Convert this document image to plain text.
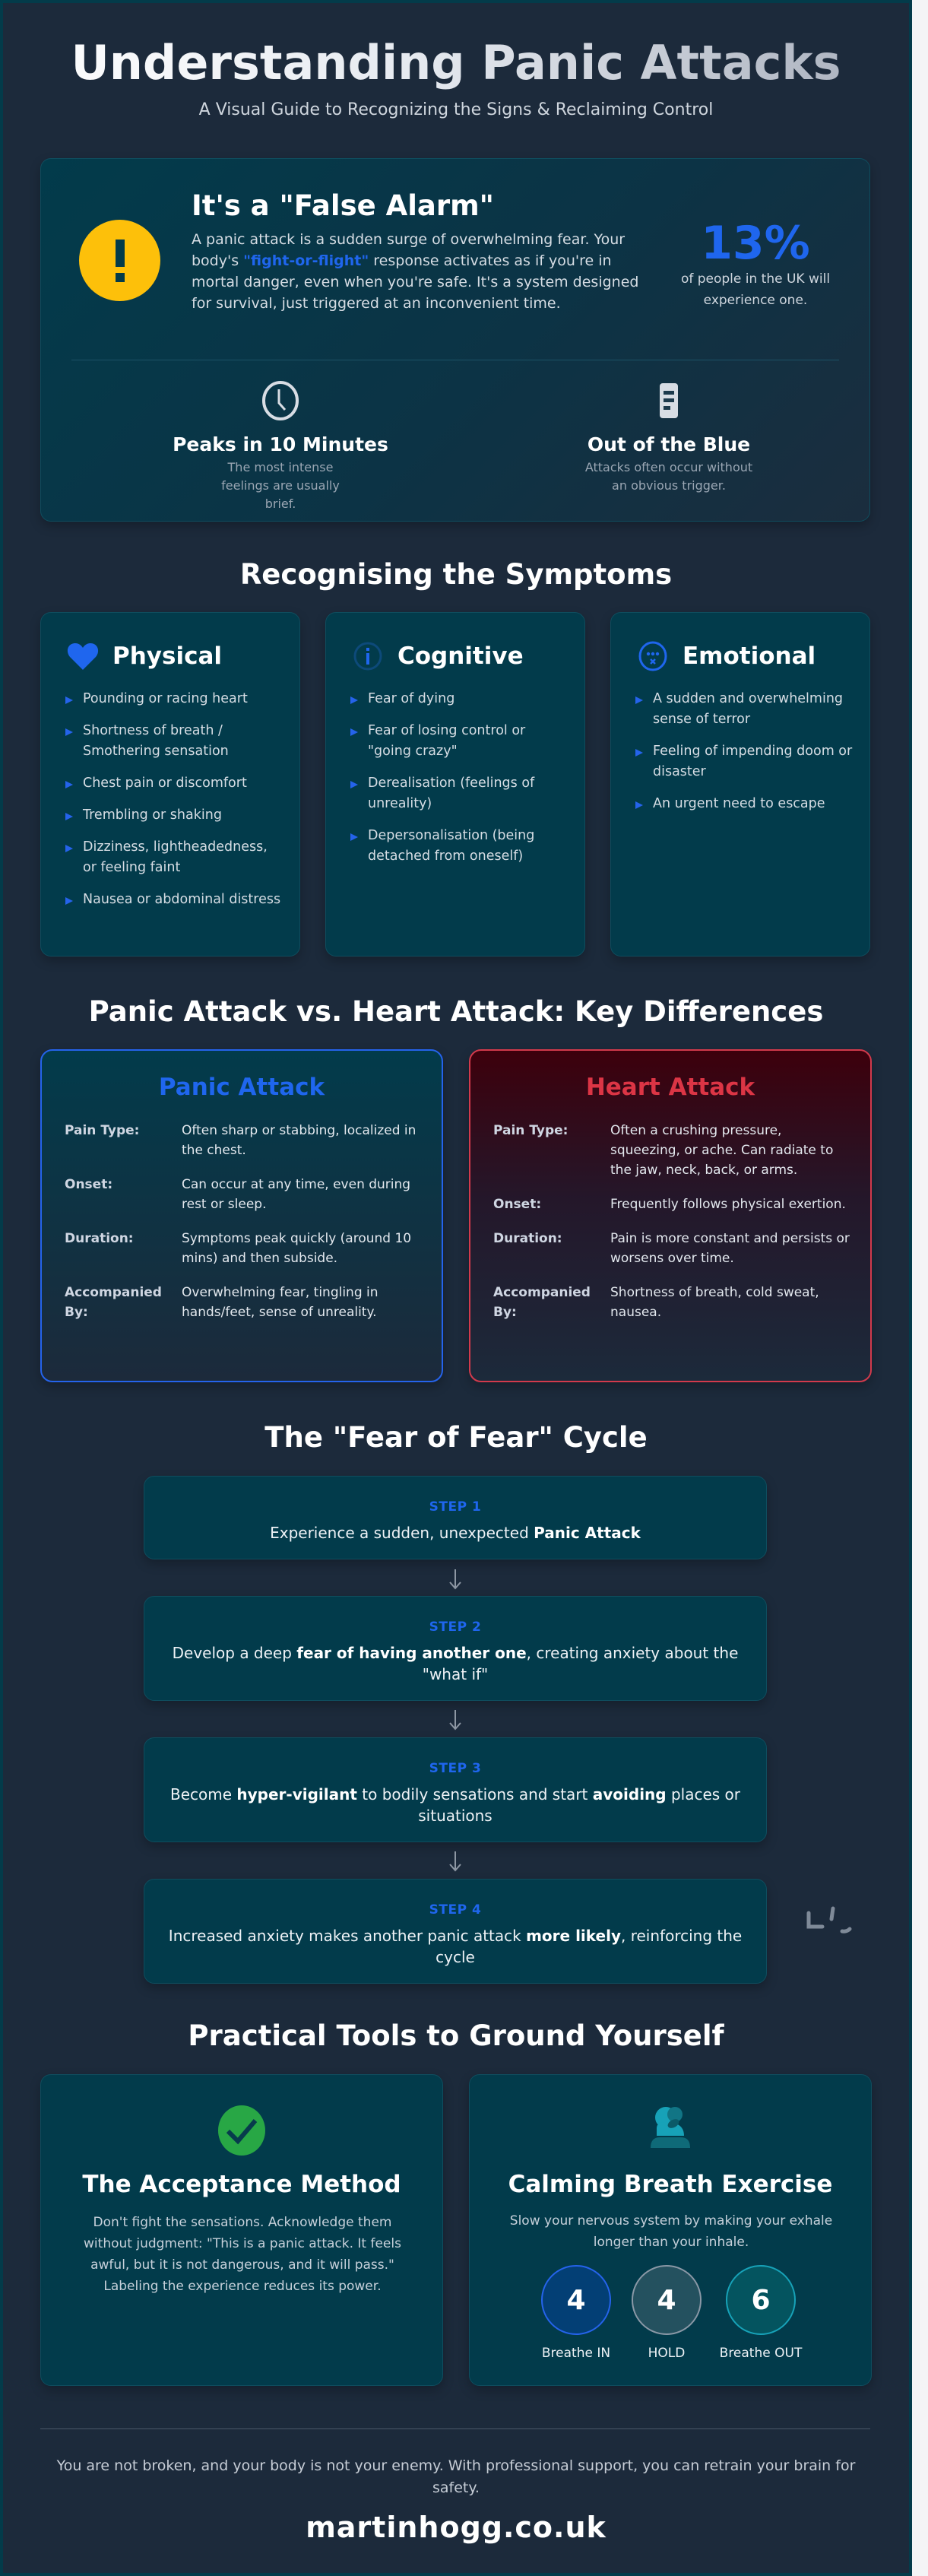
Understanding Panic Attacks
A Visual Guide to Recognizing the Signs & Reclaiming Control
It's a "False Alarm"

A panic attack is a sudden surge of overwhelming fear. Your body's "fight-or-flight" response activates as if you're in mortal danger, even when you're safe. It's a system designed for survival, just triggered at an inconvenient time.

13%
of people in the UK will experience one.
Peaks in 10 Minutes
The most intense feelings are usually brief.
Out of the Blue
Attacks often occur without an obvious trigger.
Recognising the Symptoms
Physical
Pounding or racing heart
Shortness of breath / Smothering sensation
Chest pain or discomfort
Trembling or shaking
Dizziness, lightheadedness, or feeling faint
Nausea or abdominal distress
Cognitive
Fear of dying
Fear of losing control or "going crazy"
Derealisation (feelings of unreality)
Depersonalisation (being detached from oneself)
Emotional
A sudden and overwhelming sense of terror
Feeling of impending doom or disaster
An urgent need to escape
Panic Attack vs. Heart Attack: Key Differences
Panic Attack
Pain Type:	Often sharp or stabbing, localized in the chest.
Onset:	Can occur at any time, even during rest or sleep.
Duration:	Symptoms peak quickly (around 10 mins) and then subside.
Accompanied By:
Overwhelming fear, tingling in hands/feet, sense of unreality.
Heart Attack
Pain Type:	Often a crushing pressure, squeezing, or ache. Can radiate to the jaw, neck, back, or arms.
Onset:	Frequently follows physical exertion.
Duration:	Pain is more constant and persists or worsens over time.
Accompanied By:
Shortness of breath, cold sweat, nausea.
The "Fear of Fear" Cycle
STEP 1
Experience a sudden, unexpected Panic Attack
STEP 2
Develop a deep fear of having another one, creating anxiety about the "what if"
STEP 3
Become hyper-vigilant to bodily sensations and start avoiding places or situations
STEP 4
Increased anxiety makes another panic attack more likely, reinforcing the cycle
Practical Tools to Ground Yourself
The Acceptance Method

Don't fight the sensations. Acknowledge them without judgment: "This is a panic attack. It feels awful, but it is not dangerous, and it will pass." Labeling the experience reduces its power.

Calming Breath Exercise

Slow your nervous system by making your exhale longer than your inhale.

4
Breathe IN
4
HOLD
6
Breathe OUT

You are not broken, and your body is not your enemy. With professional support, you can retrain your brain for safety.

martinhogg.co.uk
